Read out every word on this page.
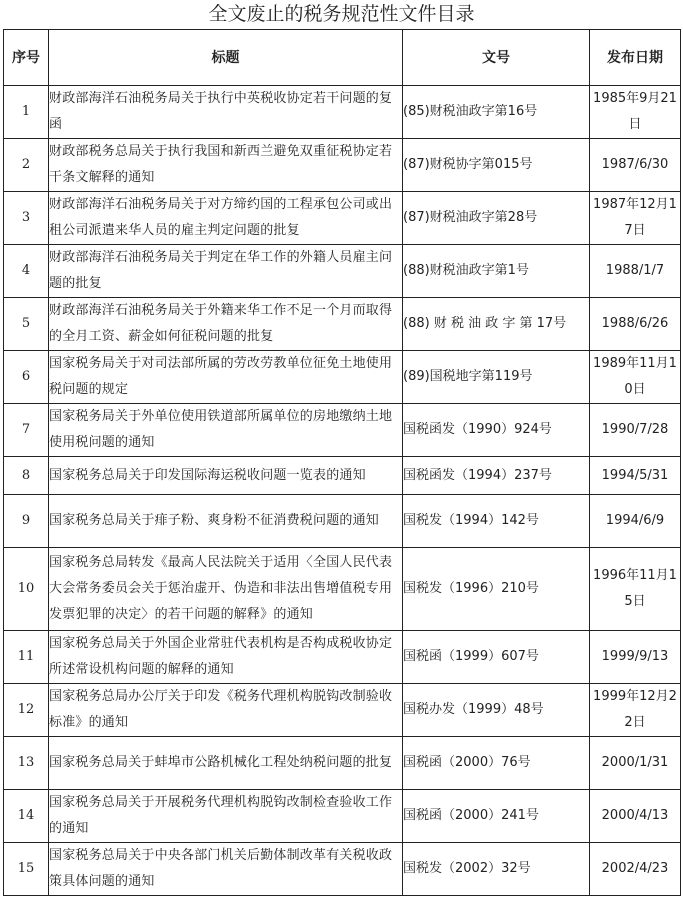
全文废止的税务规范性文件目录
序号	标题	文号	发布日期
1	财政部海洋石油税务局关于执行中英税收协定若干问题的复函	(85)财税油政字第16号	1985年9月21日
2	财政部税务总局关于执行我国和新西兰避免双重征税协定若干条文解释的通知	(87)财税协字第015号	1987/6/30
3	财政部海洋石油税务局关于对方缔约国的工程承包公司或出租公司派遣来华人员的雇主判定问题的批复	(87)财税油政字第28号	1987年12月17日
4	财政部海洋石油税务局关于判定在华工作的外籍人员雇主问题的批复	(88)财税油政字第1号	1988/1/7
5	财政部海洋石油税务局关于外籍来华工作不足一个月而取得的全月工资、薪金如何征税问题的批复	(88) 财 税 油 政 字 第 17号	1988/6/26
6	国家税务局关于对司法部所属的劳改劳教单位征免土地使用税问题的规定	(89)国税地字第119号	1989年11月10日
7	国家税务局关于外单位使用铁道部所属单位的房地缴纳土地使用税问题的通知	国税函发（1990）924号	1990/7/28
8	国家税务总局关于印发国际海运税收问题一览表的通知	国税函发（1994）237号	1994/5/31
9	国家税务总局关于痱子粉、爽身粉不征消费税问题的通知	国税发（1994）142号	1994/6/9
10	国家税务总局转发《最高人民法院关于适用〈全国人民代表大会常务委员会关于惩治虚开、伪造和非法出售增值税专用发票犯罪的决定〉的若干问题的解释》的通知	国税发（1996）210号	1996年11月15日
11	国家税务总局关于外国企业常驻代表机构是否构成税收协定所述常设机构问题的解释的通知	国税函（1999）607号	1999/9/13
12	国家税务总局办公厅关于印发《税务代理机构脱钩改制验收标准》的通知	国税办发（1999）48号	1999年12月22日
13	国家税务总局关于蚌埠市公路机械化工程处纳税问题的批复	国税函（2000）76号	2000/1/31
14	国家税务总局关于开展税务代理机构脱钩改制检查验收工作的通知	国税函（2000）241号	2000/4/13
15	国家税务总局关于中央各部门机关后勤体制改革有关税收政策具体问题的通知	国税发（2002）32号	2002/4/23
